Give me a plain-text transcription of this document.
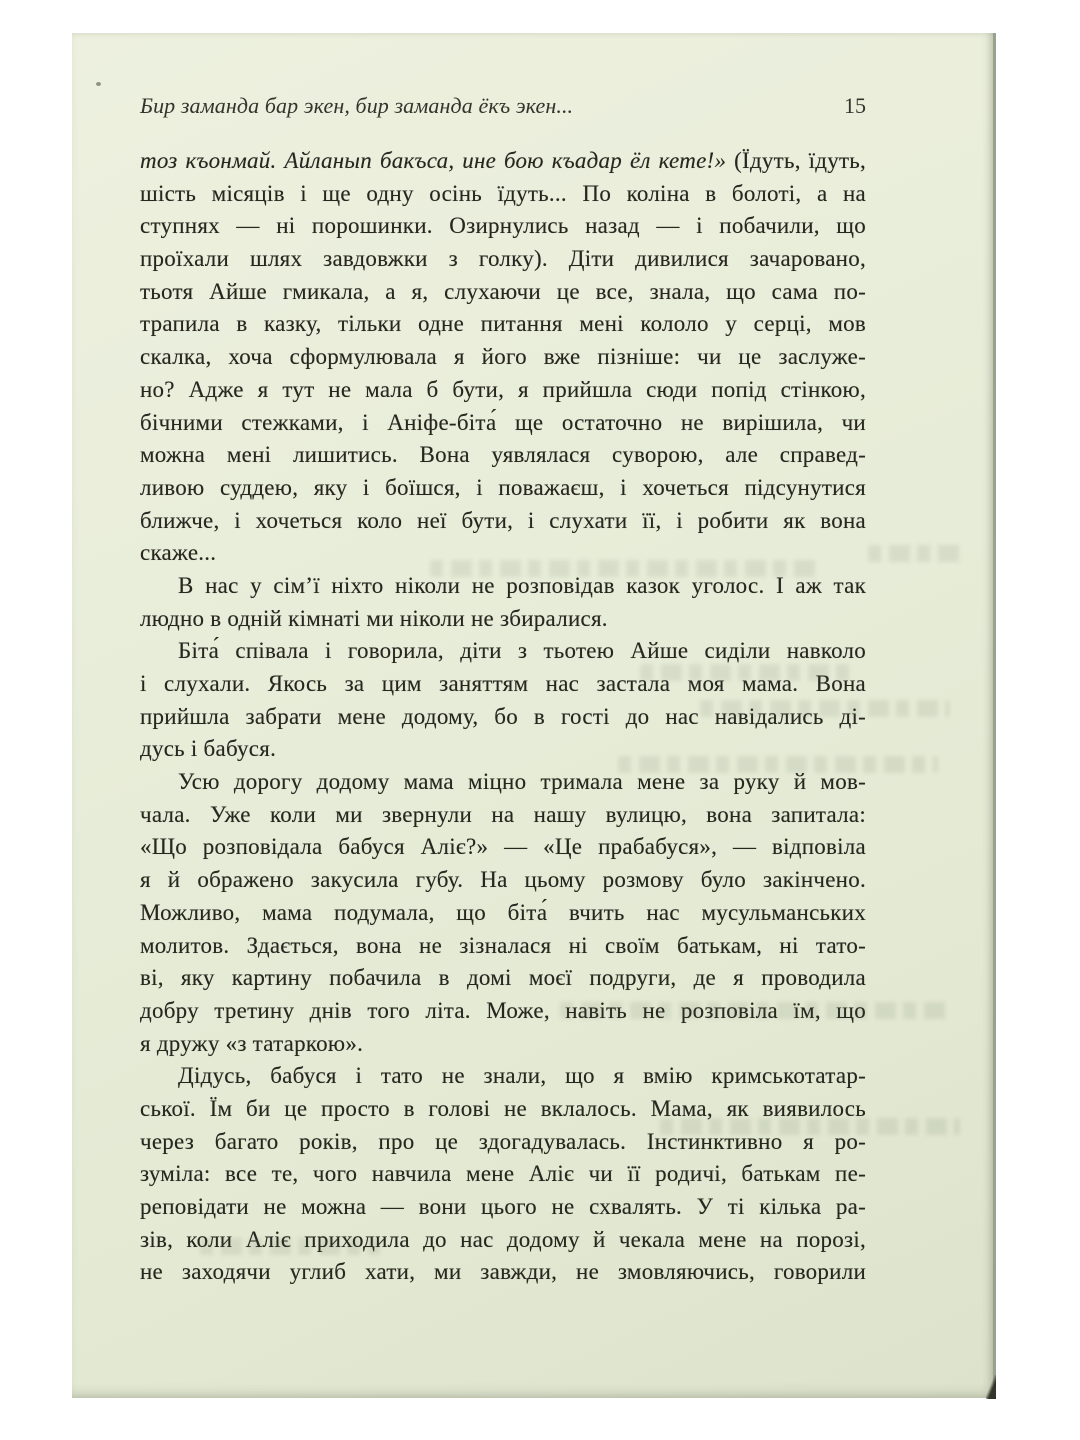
Бир заманда бар экен, бир заманда ёкъ экен...	15
тоз къонмай. Айланып бакъса, ине бою къадар ёл кете!» (Їдуть, їдуть,
шість місяців і ще одну осінь їдуть... По коліна в болоті, а на
ступнях — ні порошинки. Озирнулись назад — і побачили, що
проїхали шлях завдовжки з голку). Діти дивилися зачаровано,
тьотя Айше гмикала, а я, слухаючи це все, знала, що сама по-
трапила в казку, тільки одне питання мені кололо у серці, мов
скалка, хоча сформулювала я його вже пізніше: чи це заслуже-
но? Адже я тут не мала б бути, я прийшла сюди попід стінкою,
бічними стежками, і Аніфе-біта́ ще остаточно не вирішила, чи
можна мені лишитись. Вона уявлялася суворою, але справед-
ливою суддею, яку і боїшся, і поважаєш, і хочеться підсунутися
ближче, і хочеться коло неї бути, і слухати її, і робити як вона
скаже...
В нас у сім’ї ніхто ніколи не розповідав казок уголос. І аж так
людно в одній кімнаті ми ніколи не збиралися.
Біта́ співала і говорила, діти з тьотею Айше сиділи навколо
і слухали. Якось за цим заняттям нас застала моя мама. Вона
прийшла забрати мене додому, бо в гості до нас навідались ді-
дусь і бабуся.
Усю дорогу додому мама міцно тримала мене за руку й мов-
чала. Уже коли ми звернули на нашу вулицю, вона запитала:
«Що розповідала бабуся Аліє?» — «Це прабабуся», — відповіла
я й ображено закусила губу. На цьому розмову було закінчено.
Можливо, мама подумала, що біта́ вчить нас мусульманських
молитов. Здається, вона не зізналася ні своїм батькам, ні тато-
ві, яку картину побачила в домі моєї подруги, де я проводила
добру третину днів того літа. Може, навіть не розповіла їм, що
я дружу «з татаркою».
Дідусь, бабуся і тато не знали, що я вмію кримськотатар-
ської. Їм би це просто в голові не вклалось. Мама, як виявилось
через багато років, про це здогадувалась. Інстинктивно я ро-
зуміла: все те, чого навчила мене Аліє чи її родичі, батькам пе-
реповідати не можна — вони цього не схвалять. У ті кілька ра-
зів, коли Аліє приходила до нас додому й чекала мене на порозі,
не заходячи углиб хати, ми завжди, не змовляючись, говорили
